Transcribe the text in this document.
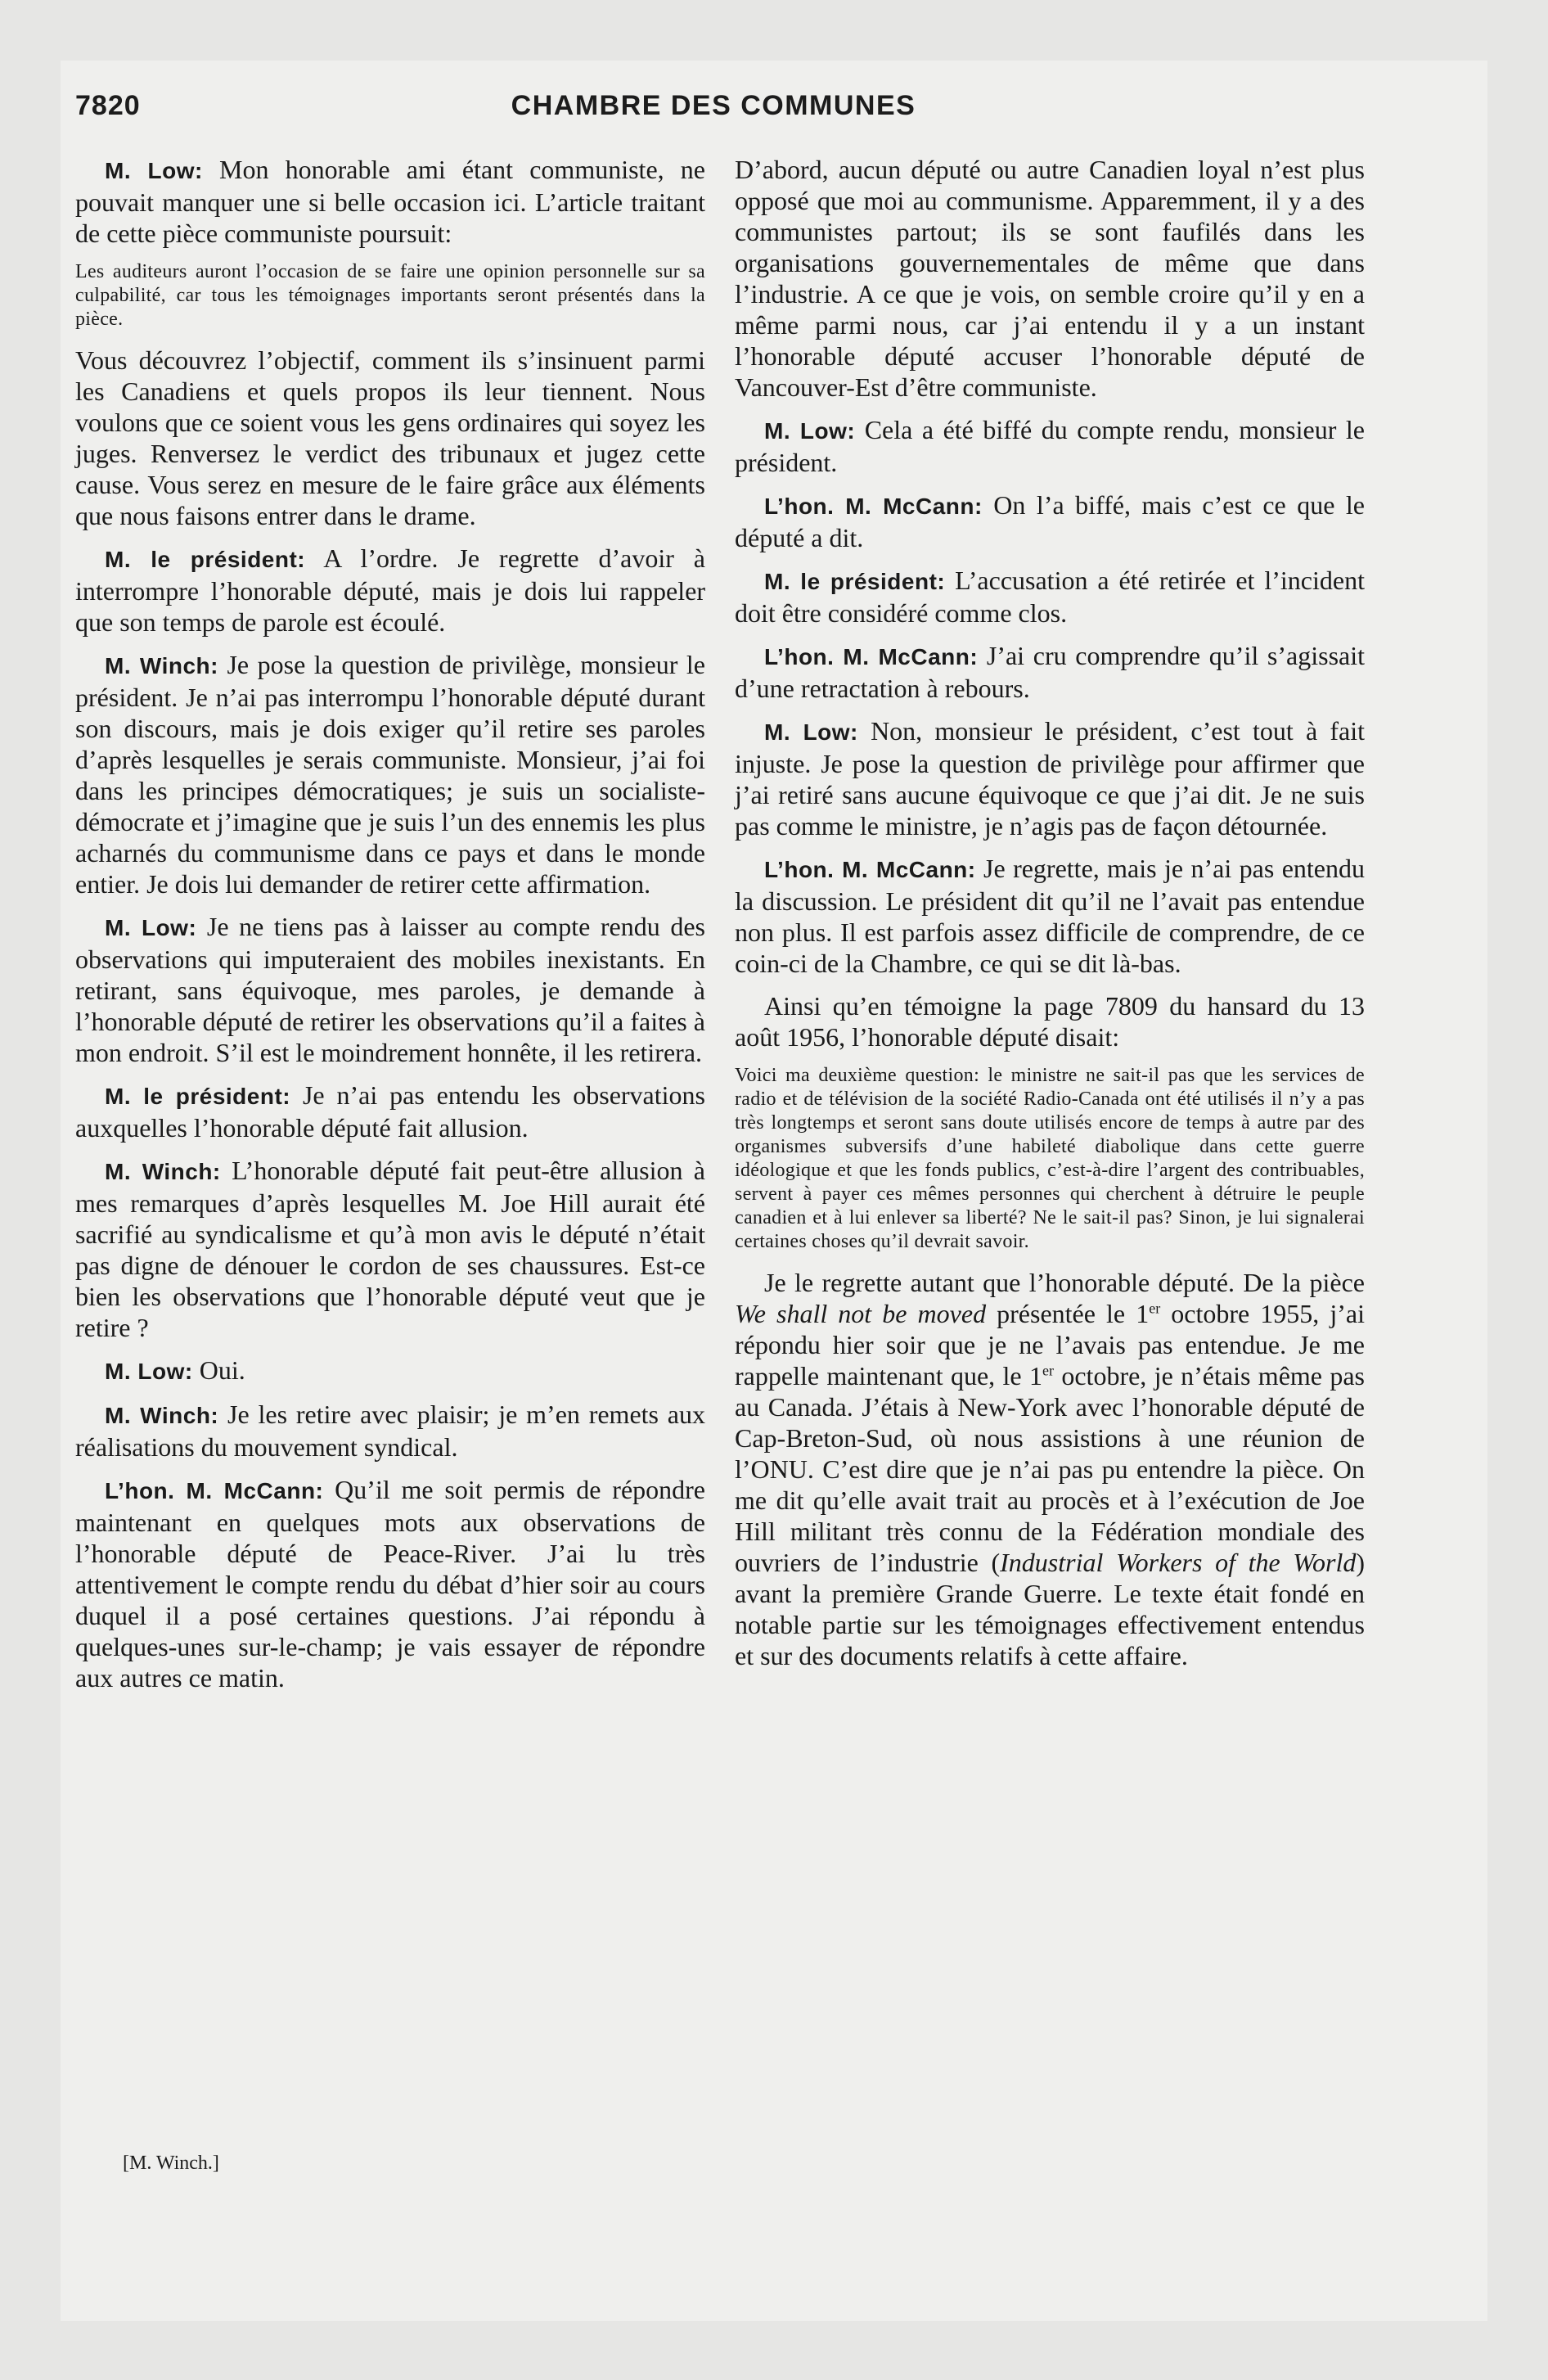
7820	CHAMBRE DES COMMUNES

M. Low: Mon honorable ami étant communiste, ne pouvait manquer une si belle occasion ici. L’article traitant de cette pièce communiste poursuit:

Les auditeurs auront l’occasion de se faire une opinion personnelle sur sa culpabilité, car tous les témoignages importants seront présentés dans la pièce.

Vous découvrez l’objectif, comment ils s’insinuent parmi les Canadiens et quels propos ils leur tiennent. Nous voulons que ce soient vous les gens ordinaires qui soyez les juges. Renversez le verdict des tribunaux et jugez cette cause. Vous serez en mesure de le faire grâce aux éléments que nous faisons entrer dans le drame.

M. le président: A l’ordre. Je regrette d’avoir à interrompre l’honorable député, mais je dois lui rappeler que son temps de parole est écoulé.

M. Winch: Je pose la question de privilège, monsieur le président. Je n’ai pas interrompu l’honorable député durant son discours, mais je dois exiger qu’il retire ses paroles d’après lesquelles je serais communiste. Monsieur, j’ai foi dans les principes démocratiques; je suis un socialiste-démocrate et j’imagine que je suis l’un des ennemis les plus acharnés du communisme dans ce pays et dans le monde entier. Je dois lui demander de retirer cette affirmation.

M. Low: Je ne tiens pas à laisser au compte rendu des observations qui imputeraient des mobiles inexistants. En retirant, sans équivoque, mes paroles, je demande à l’honorable député de retirer les observations qu’il a faites à mon endroit. S’il est le moindrement honnête, il les retirera.

M. le président: Je n’ai pas entendu les observations auxquelles l’honorable député fait allusion.

M. Winch: L’honorable député fait peut-être allusion à mes remarques d’après lesquelles M. Joe Hill aurait été sacrifié au syndicalisme et qu’à mon avis le député n’était pas digne de dénouer le cordon de ses chaussures. Est-ce bien les observations que l’honorable député veut que je retire ?

M. Low: Oui.

M. Winch: Je les retire avec plaisir; je m’en remets aux réalisations du mouvement syndical.

L’hon. M. McCann: Qu’il me soit permis de répondre maintenant en quelques mots aux observations de l’honorable député de Peace-River. J’ai lu très attentivement le compte rendu du débat d’hier soir au cours duquel il a posé certaines questions. J’ai répondu à quelques-unes sur-le-champ; je vais essayer de répondre aux autres ce matin.

D’abord, aucun député ou autre Canadien loyal n’est plus opposé que moi au communisme. Apparemment, il y a des communistes partout; ils se sont faufilés dans les organisations gouvernementales de même que dans l’industrie. A ce que je vois, on semble croire qu’il y en a même parmi nous, car j’ai entendu il y a un instant l’honorable député accuser l’honorable député de Vancouver-Est d’être communiste.

M. Low: Cela a été biffé du compte rendu, monsieur le président.

L’hon. M. McCann: On l’a biffé, mais c’est ce que le député a dit.

M. le président: L’accusation a été retirée et l’incident doit être considéré comme clos.

L’hon. M. McCann: J’ai cru comprendre qu’il s’agissait d’une retractation à rebours.

M. Low: Non, monsieur le président, c’est tout à fait injuste. Je pose la question de privilège pour affirmer que j’ai retiré sans aucune équivoque ce que j’ai dit. Je ne suis pas comme le ministre, je n’agis pas de façon détournée.

L’hon. M. McCann: Je regrette, mais je n’ai pas entendu la discussion. Le président dit qu’il ne l’avait pas entendue non plus. Il est parfois assez difficile de comprendre, de ce coin-ci de la Chambre, ce qui se dit là-bas.

Ainsi qu’en témoigne la page 7809 du hansard du 13 août 1956, l’honorable député disait:

Voici ma deuxième question: le ministre ne sait-il pas que les services de radio et de télévision de la société Radio-Canada ont été utilisés il n’y a pas très longtemps et seront sans doute utilisés encore de temps à autre par des organismes subversifs d’une habileté diabolique dans cette guerre idéologique et que les fonds publics, c’est-à-dire l’argent des contribuables, servent à payer ces mêmes personnes qui cherchent à détruire le peuple canadien et à lui enlever sa liberté? Ne le sait-il pas? Sinon, je lui signalerai certaines choses qu’il devrait savoir.

Je le regrette autant que l’honorable député. De la pièce We shall not be moved présentée le 1er octobre 1955, j’ai répondu hier soir que je ne l’avais pas entendue. Je me rappelle maintenant que, le 1er octobre, je n’étais même pas au Canada. J’étais à New-York avec l’honorable député de Cap-Breton-Sud, où nous assistions à une réunion de l’ONU. C’est dire que je n’ai pas pu entendre la pièce. On me dit qu’elle avait trait au procès et à l’exécution de Joe Hill militant très connu de la Fédération mondiale des ouvriers de l’industrie (Industrial Workers of the World) avant la première Grande Guerre. Le texte était fondé en notable partie sur les témoignages effectivement entendus et sur des documents relatifs à cette affaire.

[M. Winch.]
